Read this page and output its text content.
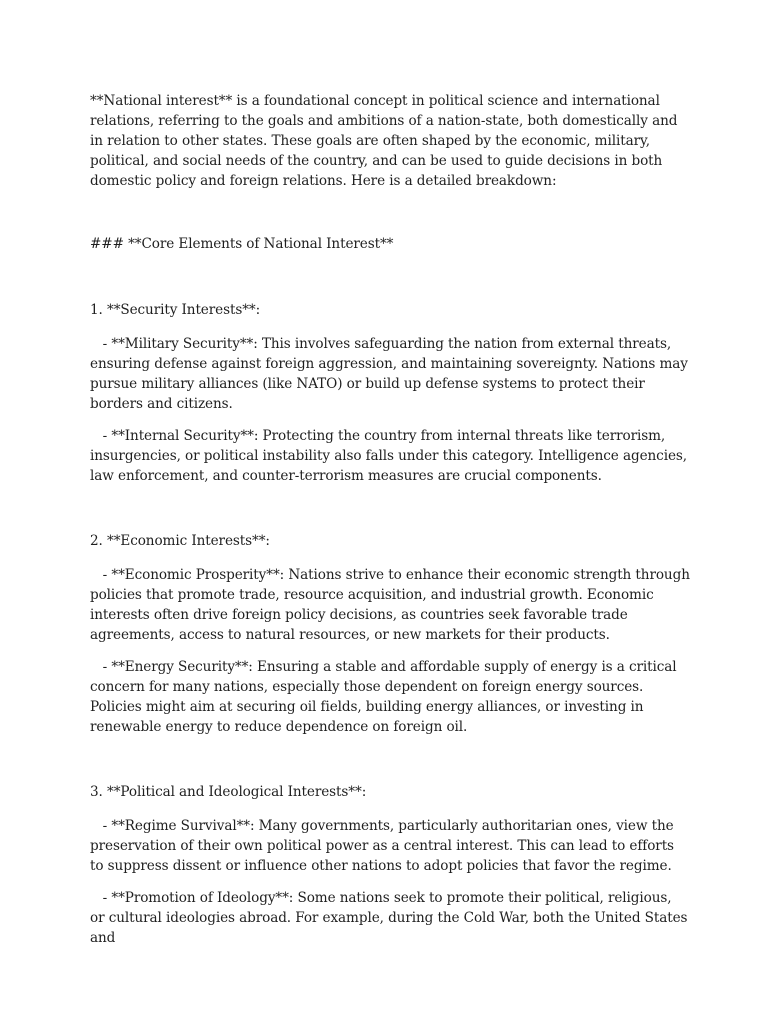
**National interest** is a foundational concept in political science and international relations, referring to the goals and ambitions of a nation-state, both domestically and in relation to other states. These goals are often shaped by the economic, military, political, and social needs of the country, and can be used to guide decisions in both domestic policy and foreign relations. Here is a detailed breakdown:

### **Core Elements of National Interest**

1. **Security Interests**:

- **Military Security**: This involves safeguarding the nation from external threats, ensuring defense against foreign aggression, and maintaining sovereignty. Nations may pursue military alliances (like NATO) or build up defense systems to protect their borders and citizens.

- **Internal Security**: Protecting the country from internal threats like terrorism, insurgencies, or political instability also falls under this category. Intelligence agencies, law enforcement, and counter-terrorism measures are crucial components.

2. **Economic Interests**:

- **Economic Prosperity**: Nations strive to enhance their economic strength through policies that promote trade, resource acquisition, and industrial growth. Economic interests often drive foreign policy decisions, as countries seek favorable trade agreements, access to natural resources, or new markets for their products.

- **Energy Security**: Ensuring a stable and affordable supply of energy is a critical concern for many nations, especially those dependent on foreign energy sources. Policies might aim at securing oil fields, building energy alliances, or investing in renewable energy to reduce dependence on foreign oil.

3. **Political and Ideological Interests**:

- **Regime Survival**: Many governments, particularly authoritarian ones, view the preservation of their own political power as a central interest. This can lead to efforts to suppress dissent or influence other nations to adopt policies that favor the regime.

- **Promotion of Ideology**: Some nations seek to promote their political, religious, or cultural ideologies abroad. For example, during the Cold War, both the United States and
